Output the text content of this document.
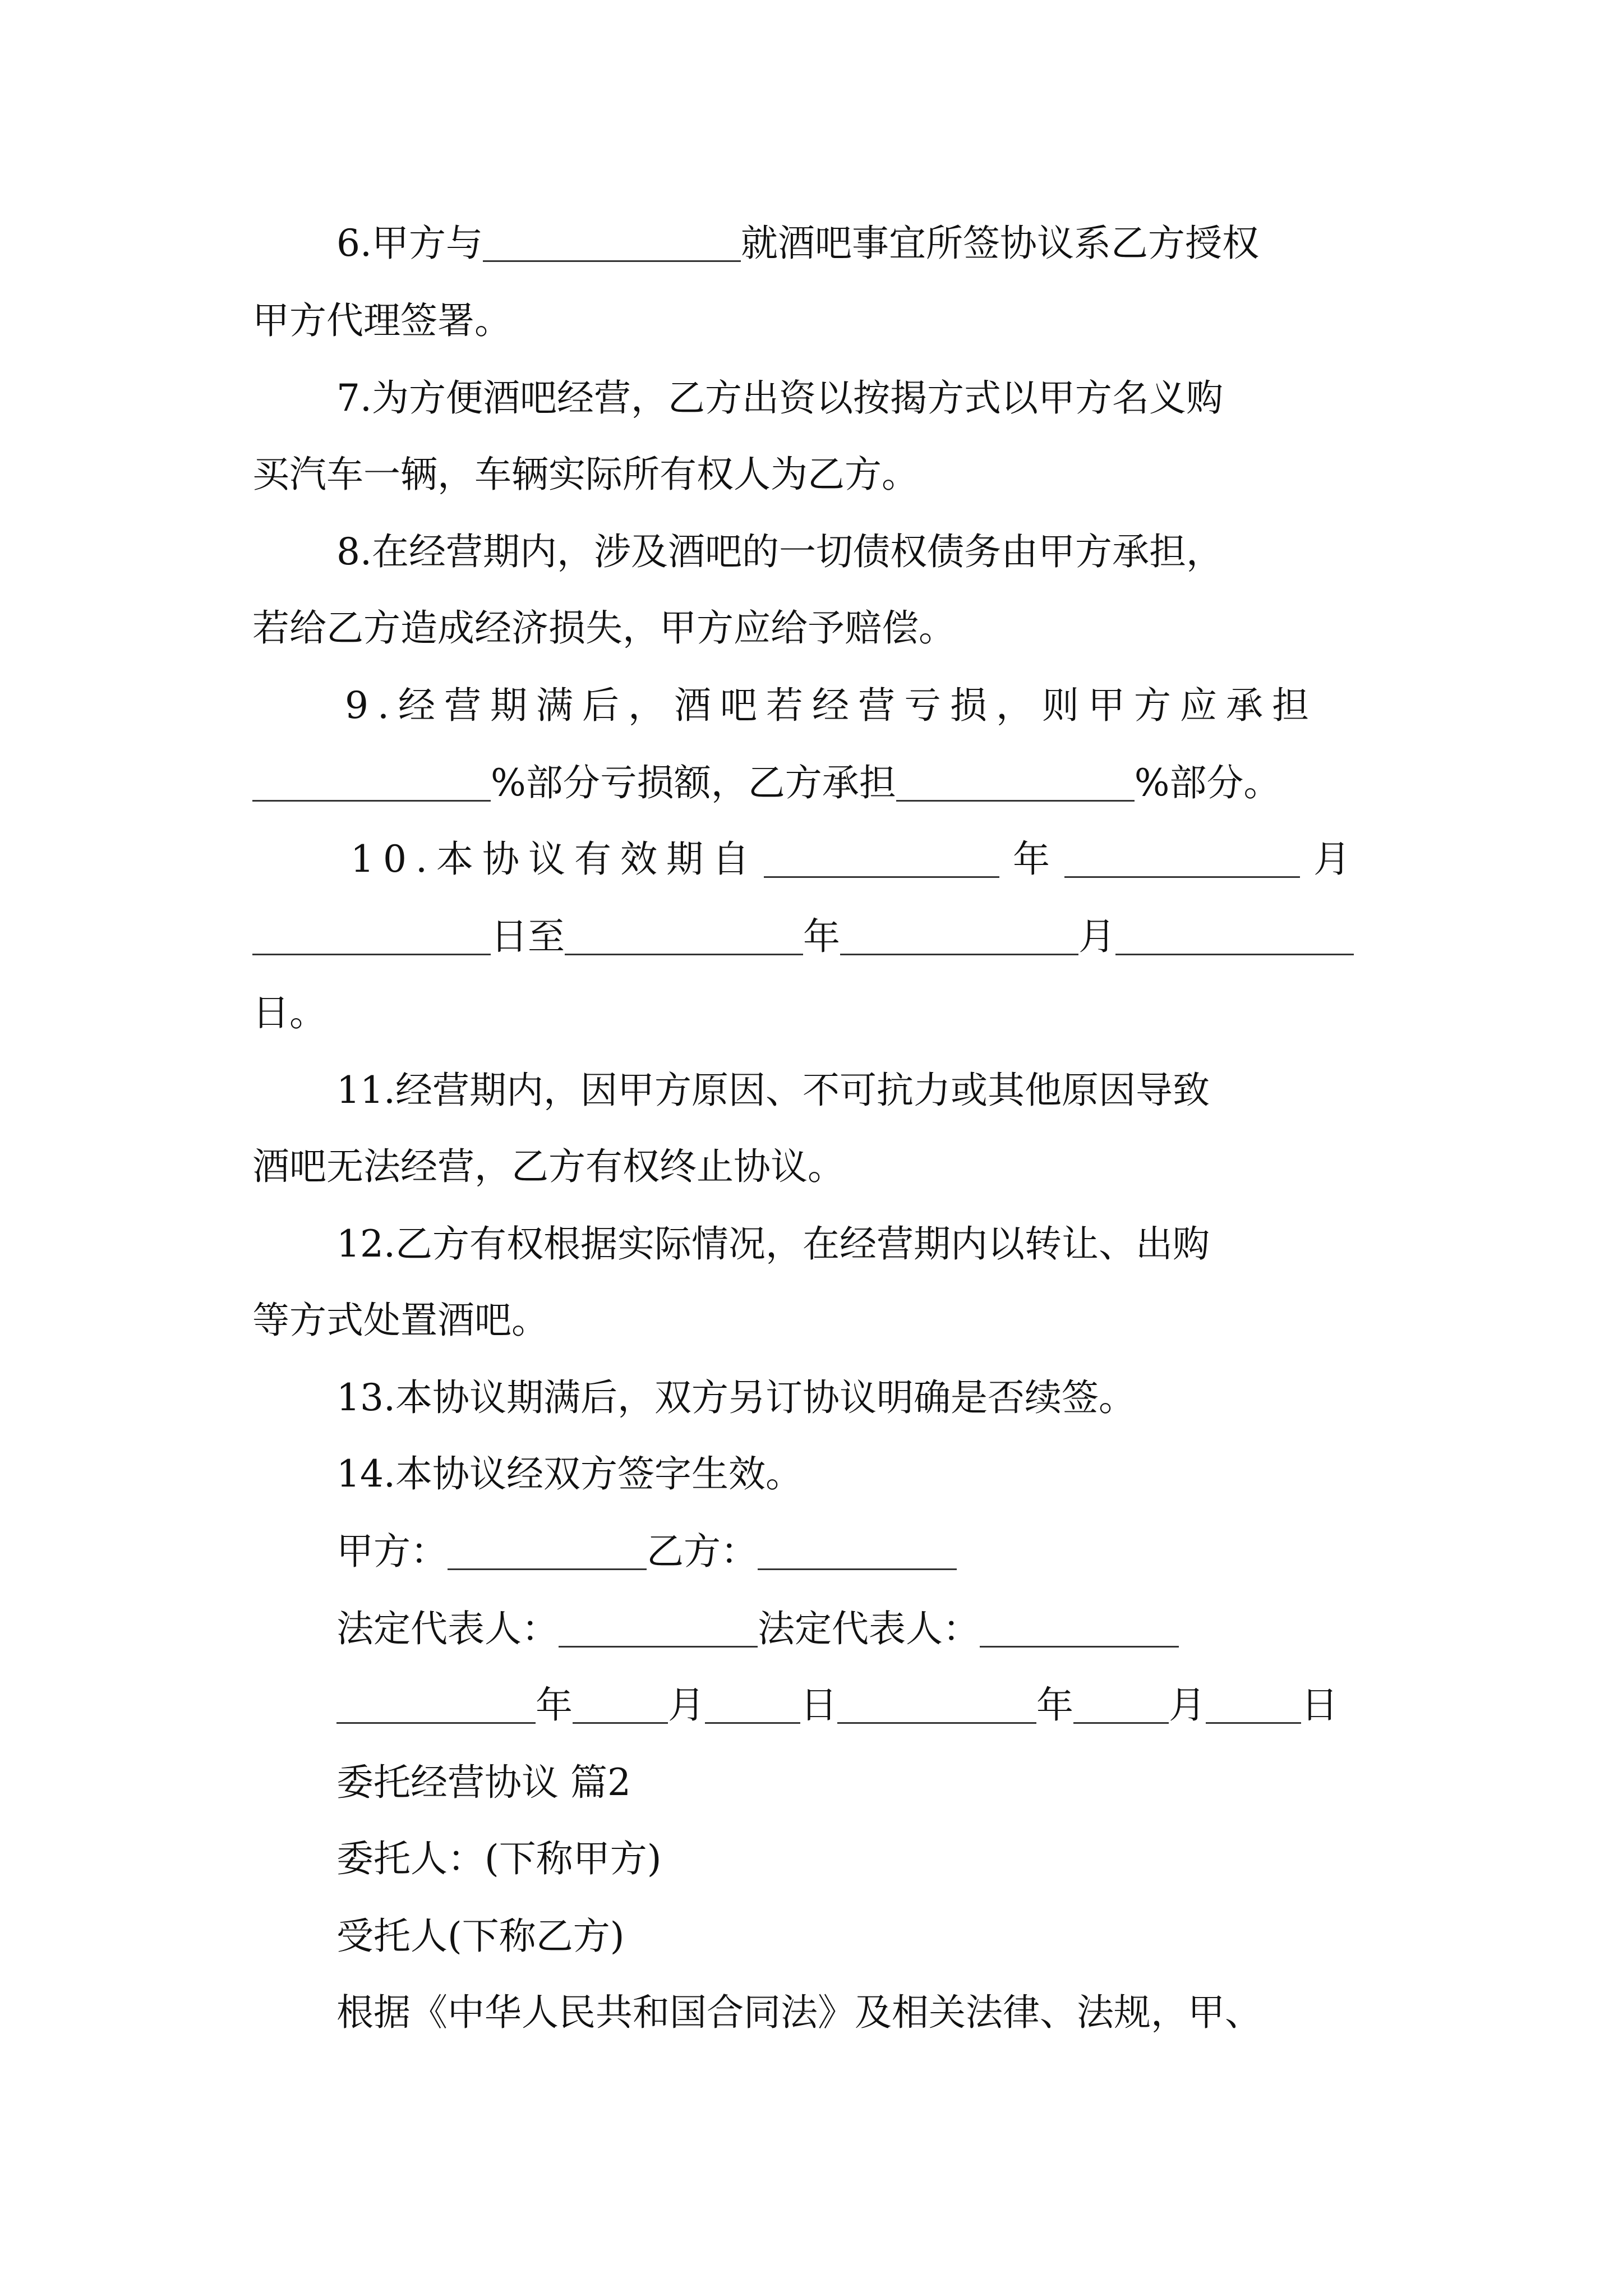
6.甲方与	就酒吧事宜所签协议系乙方授权
甲方代理签署。
7.为方便酒吧经营，乙方出资以按揭方式以甲方名义购
买汽车一辆，车辆实际所有权人为乙方。
8.在经营期内，涉及酒吧的一切债权债务由甲方承担，
若给乙方造成经济损失，甲方应给予赔偿。
9.经营期满后，酒吧若经营亏损，则甲方应承担
%部分亏损额，乙方承担	%部分。
10.本协议有效期自	年	月
日至	年	月
日。
11.经营期内，因甲方原因、不可抗力或其他原因导致
酒吧无法经营，乙方有权终止协议。
12.乙方有权根据实际情况，在经营期内以转让、出购
等方式处置酒吧。
13.本协议期满后，双方另订协议明确是否续签。
14.本协议经双方签字生效。
甲方：	乙方：
法定代表人：	法定代表人：
年	月	日	年	月	日
委托经营协议 篇2
委托人：(下称甲方)
受托人(下称乙方)
根据《中华人民共和国合同法》及相关法律、法规，甲、
